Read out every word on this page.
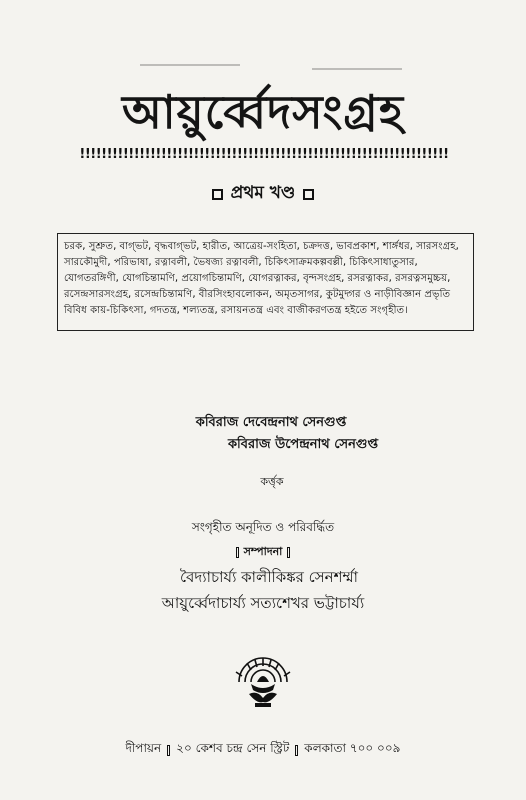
আয়ুর্ব্বেদসংগ্রহ
!!!!!!!!!!!!!!!!!!!!!!!!!!!!!!!!!!!!!!!!!!!!!!!!!!!!!!!!!!!!!!!!!!!!
প্রথম খণ্ড
চরক, সুশ্রুত, বাগ্ভট, বৃদ্ধবাগ্ভট, হারীত, আত্রেয়-সংহিতা, চক্রদত্ত, ভাবপ্রকাশ, শার্ঙ্গধর, সারসংগ্রহ, সারকৌমুদী, পরিভাষা, রত্নাবলী, ভৈষজ্য রত্নাবলী, চিকিৎসাক্রমকল্পবল্লী, চিকিৎসাধাতুসার, যোগতরঙ্গিণী, যোগচিন্তামণি, প্রয়োগচিন্তামণি, যোগরত্নাকর, বৃন্দসংগ্রহ, রসরত্নাকর, রসরত্নসমুচ্চয়, রসেন্দ্রসারসংগ্রহ, রসেন্দ্রচিন্তামণি, বীরসিংহাবলোকন, অমৃতসাগর, কুটমুদ্গর ও নাড়ীবিজ্ঞান প্রভৃতি বিবিধ কায়-চিকিৎসা, গদতন্ত্র, শল্যতন্ত্র, রসায়নতন্ত্র এবং বাজীকরণতন্ত্র হইতে সংগৃহীত।
কবিরাজ দেবেন্দ্রনাথ সেনগুপ্ত
কবিরাজ উপেন্দ্রনাথ সেনগুপ্ত
কর্ত্তৃক
সংগৃহীত অনূদিত ও পরিবর্দ্ধিত
সম্পাদনা
বৈদ্যাচার্য্য কালীকিঙ্কর সেনশর্ম্মা
আয়ুর্ব্বেদাচার্য্য সত্যশেখর ভট্টাচার্য্য
দীপায়ন ২০ কেশব চন্দ্র সেন স্ট্রিট কলকাতা ৭০০ ০০৯
